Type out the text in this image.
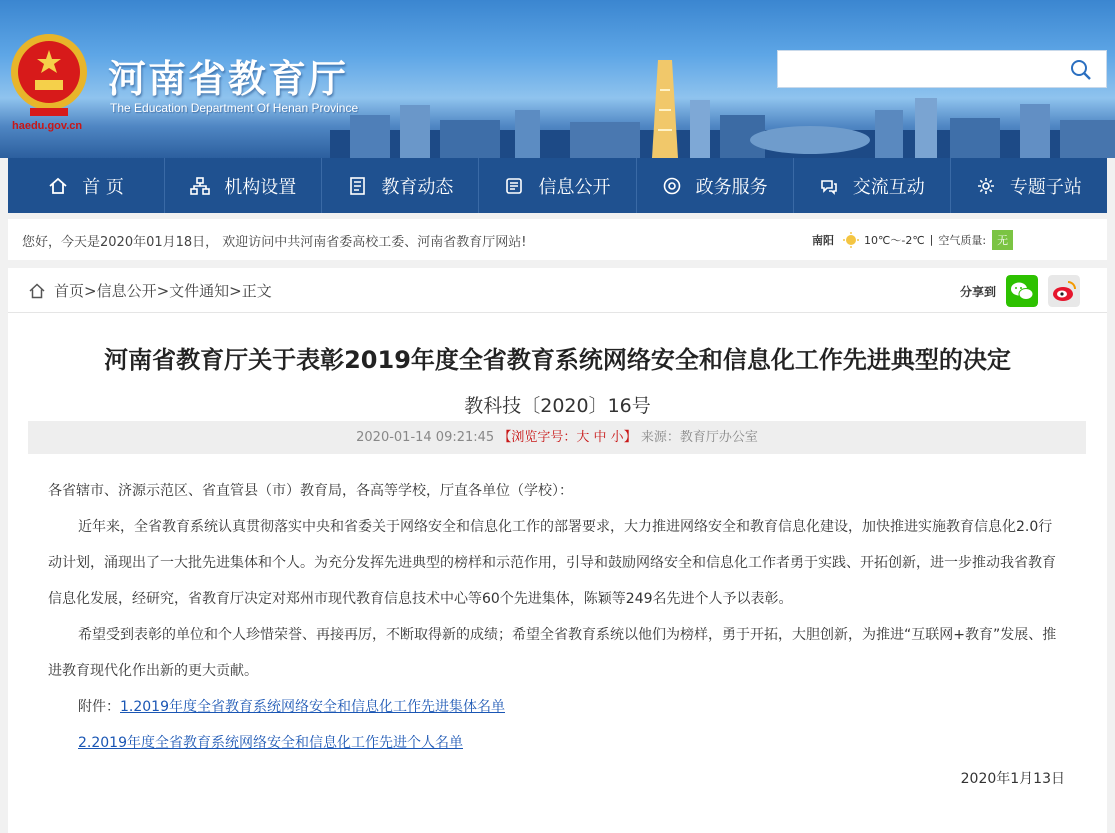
haedu.gov.cn
河南省教育厅
The Education Department Of Henan Province
首 页	机构设置	教育动态	信息公开	政务服务	交流互动	专题子站
您好，今天是2020年01月18日， 欢迎访问中共河南省委高校工委、河南省教育厅网站!	南阳	10℃～-2℃ | 空气质量:	无
首页 >信息公开 >文件通知 >正文	分享到
河南省教育厅关于表彰2019年度全省教育系统网络安全和信息化工作先进典型的决定
教科技〔2020〕16号
2020-01-14 09:21:45 【浏览字号：大 中 小】 来源：教育厅办公室

各省辖市、济源示范区、省直管县（市）教育局，各高等学校，厅直各单位（学校）：

近年来，全省教育系统认真贯彻落实中央和省委关于网络安全和信息化工作的部署要求，大力推进网络安全和教育信息化建设，加快推进实施教育信息化2.0行动计划，涌现出了一大批先进集体和个人。为充分发挥先进典型的榜样和示范作用，引导和鼓励网络安全和信息化工作者勇于实践、开拓创新，进一步推动我省教育信息化发展，经研究，省教育厅决定对郑州市现代教育信息技术中心等60个先进集体，陈颖等249名先进个人予以表彰。

希望受到表彰的单位和个人珍惜荣誉、再接再厉，不断取得新的成绩；希望全省教育系统以他们为榜样，勇于开拓，大胆创新，为推进“互联网+教育”发展、推进教育现代化作出新的更大贡献。

附件：1.2019年度全省教育系统网络安全和信息化工作先进集体名单

2.2019年度全省教育系统网络安全和信息化工作先进个人名单

2020年1月13日
